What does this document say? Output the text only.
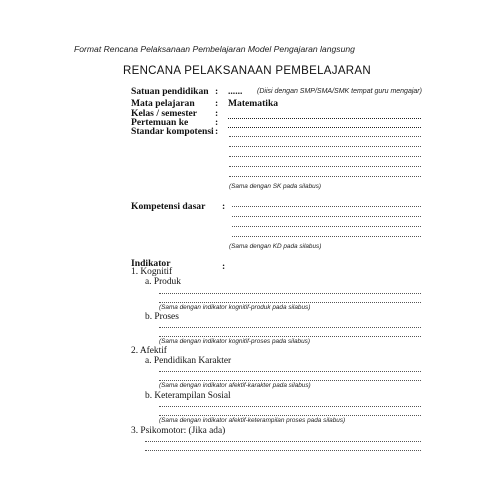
Format Rencana Pelaksanaan Pembelajaran Model Pengajaran langsung
RENCANA PELAKSANAAN PEMBELAJARAN
Satuan pendidikan : ...... (Diisi dengan SMP/SMA/SMK tempat guru mengajar)
Mata pelajaran : Matematika
Kelas / semester :
Pertemuan ke	:
Standar kompotensi :
(Sama dengan SK pada silabus)
Kompetensi dasar :
(Sama dengan KD pada silabus)
Indikator	:
1. Kognitif
a. Produk
(Sama dengan indikator kognitif-produk pada silabus)
b. Proses
(Sama dengan indikator kognitif-proses pada silabus)
2. Afektif
a. Pendidikan Karakter
(Sama dengan indikator afektif-karakter pada silabus)
b. Keterampilan Sosial
(Sama dengan indikator afektif-keterampilan proses pada silabus)
3. Psikomotor: (Jika ada)
